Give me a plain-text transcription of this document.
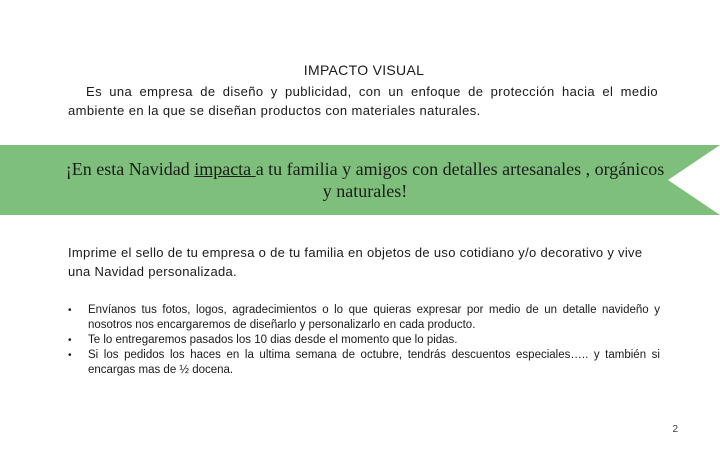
IMPACTO VISUAL
Es una empresa de diseño y publicidad, con un enfoque de protección hacia el medio ambiente en la que se diseñan productos con materiales naturales.
¡En esta Navidad impacta a tu familia y amigos con detalles artesanales , orgánicos y naturales!
Imprime el sello de tu empresa o de tu familia en objetos de uso cotidiano y/o decorativo y vive una Navidad personalizada.
• Envíanos tus fotos, logos, agradecimientos o lo que quieras expresar por medio de un detalle navideño y nosotros nos encargaremos de diseñarlo y personalizarlo en cada producto.
• Te lo entregaremos pasados los 10 dias desde el momento que lo pidas.
• Si los pedidos los haces en la ultima semana de octubre, tendrás descuentos especiales….. y también si encargas mas de ½ docena.
2
